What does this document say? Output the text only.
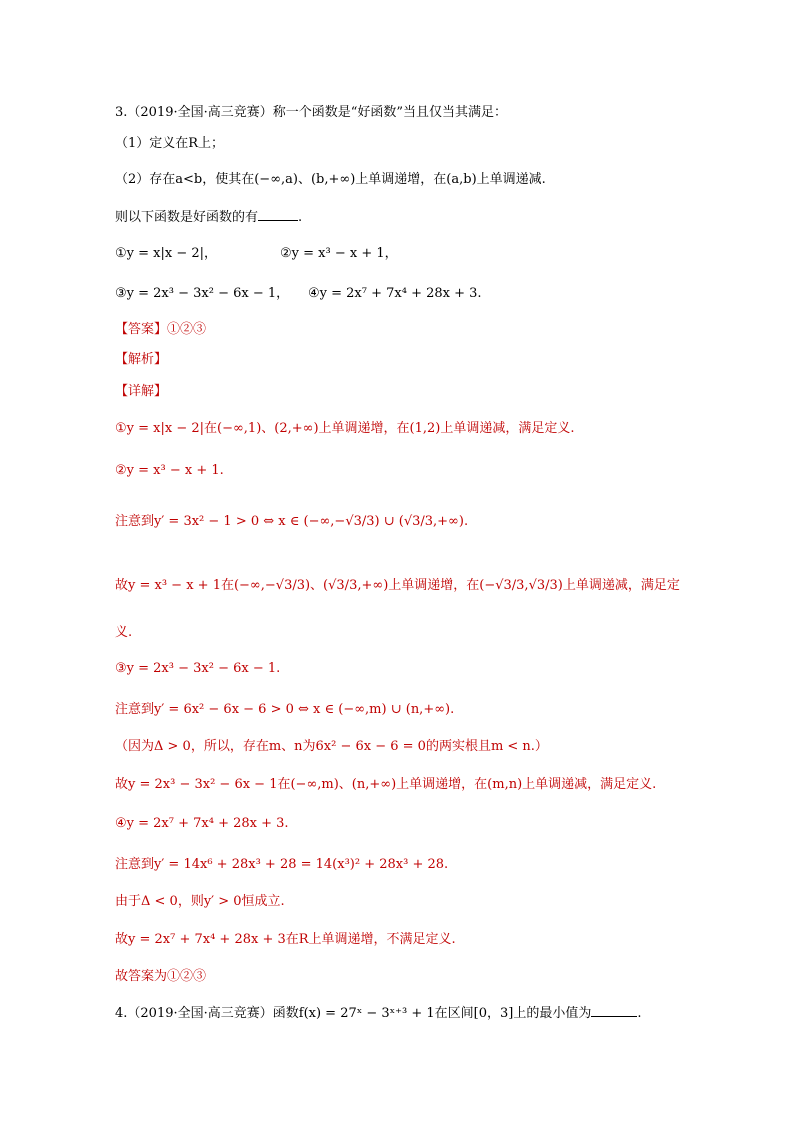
3.（2019·全国·高三竞赛）称一个函数是“好函数”当且仅当其满足：
（1）定义在R上；
（2）存在a<b，使其在(−∞,a)、(b,+∞)上单调递增，在(a,b)上单调递减.
则以下函数是好函数的有	.
①y = x|x − 2|，	②y = x³ − x + 1，
③y = 2x³ − 3x² − 6x − 1， ④y = 2x⁷ + 7x⁴ + 28x + 3.
【答案】①②③
【解析】
【详解】
①y = x|x − 2|在(−∞,1)、(2,+∞)上单调递增，在(1,2)上单调递减，满足定义.
②y = x³ − x + 1.
注意到y′ = 3x² − 1 > 0 ⇔ x ∈ (−∞,−√3/3) ∪ (√3/3,+∞).
故y = x³ − x + 1在(−∞,−√3/3)、(√3/3,+∞)上单调递增，在(−√3/3,√3/3)上单调递减，满足定
义.
③y = 2x³ − 3x² − 6x − 1.
注意到y′ = 6x² − 6x − 6 > 0 ⇔ x ∈ (−∞,m) ∪ (n,+∞).
（因为Δ > 0，所以，存在m、n为6x² − 6x − 6 = 0的两实根且m < n.）
故y = 2x³ − 3x² − 6x − 1在(−∞,m)、(n,+∞)上单调递增，在(m,n)上单调递减，满足定义.
④y = 2x⁷ + 7x⁴ + 28x + 3.
注意到y′ = 14x⁶ + 28x³ + 28 = 14(x³)² + 28x³ + 28.
由于Δ < 0，则y′ > 0恒成立.
故y = 2x⁷ + 7x⁴ + 28x + 3在R上单调递增，不满足定义.
故答案为①②③
4.（2019·全国·高三竞赛）函数f(x) = 27ˣ − 3ˣ⁺³ + 1在区间[0，3]上的最小值为	.
